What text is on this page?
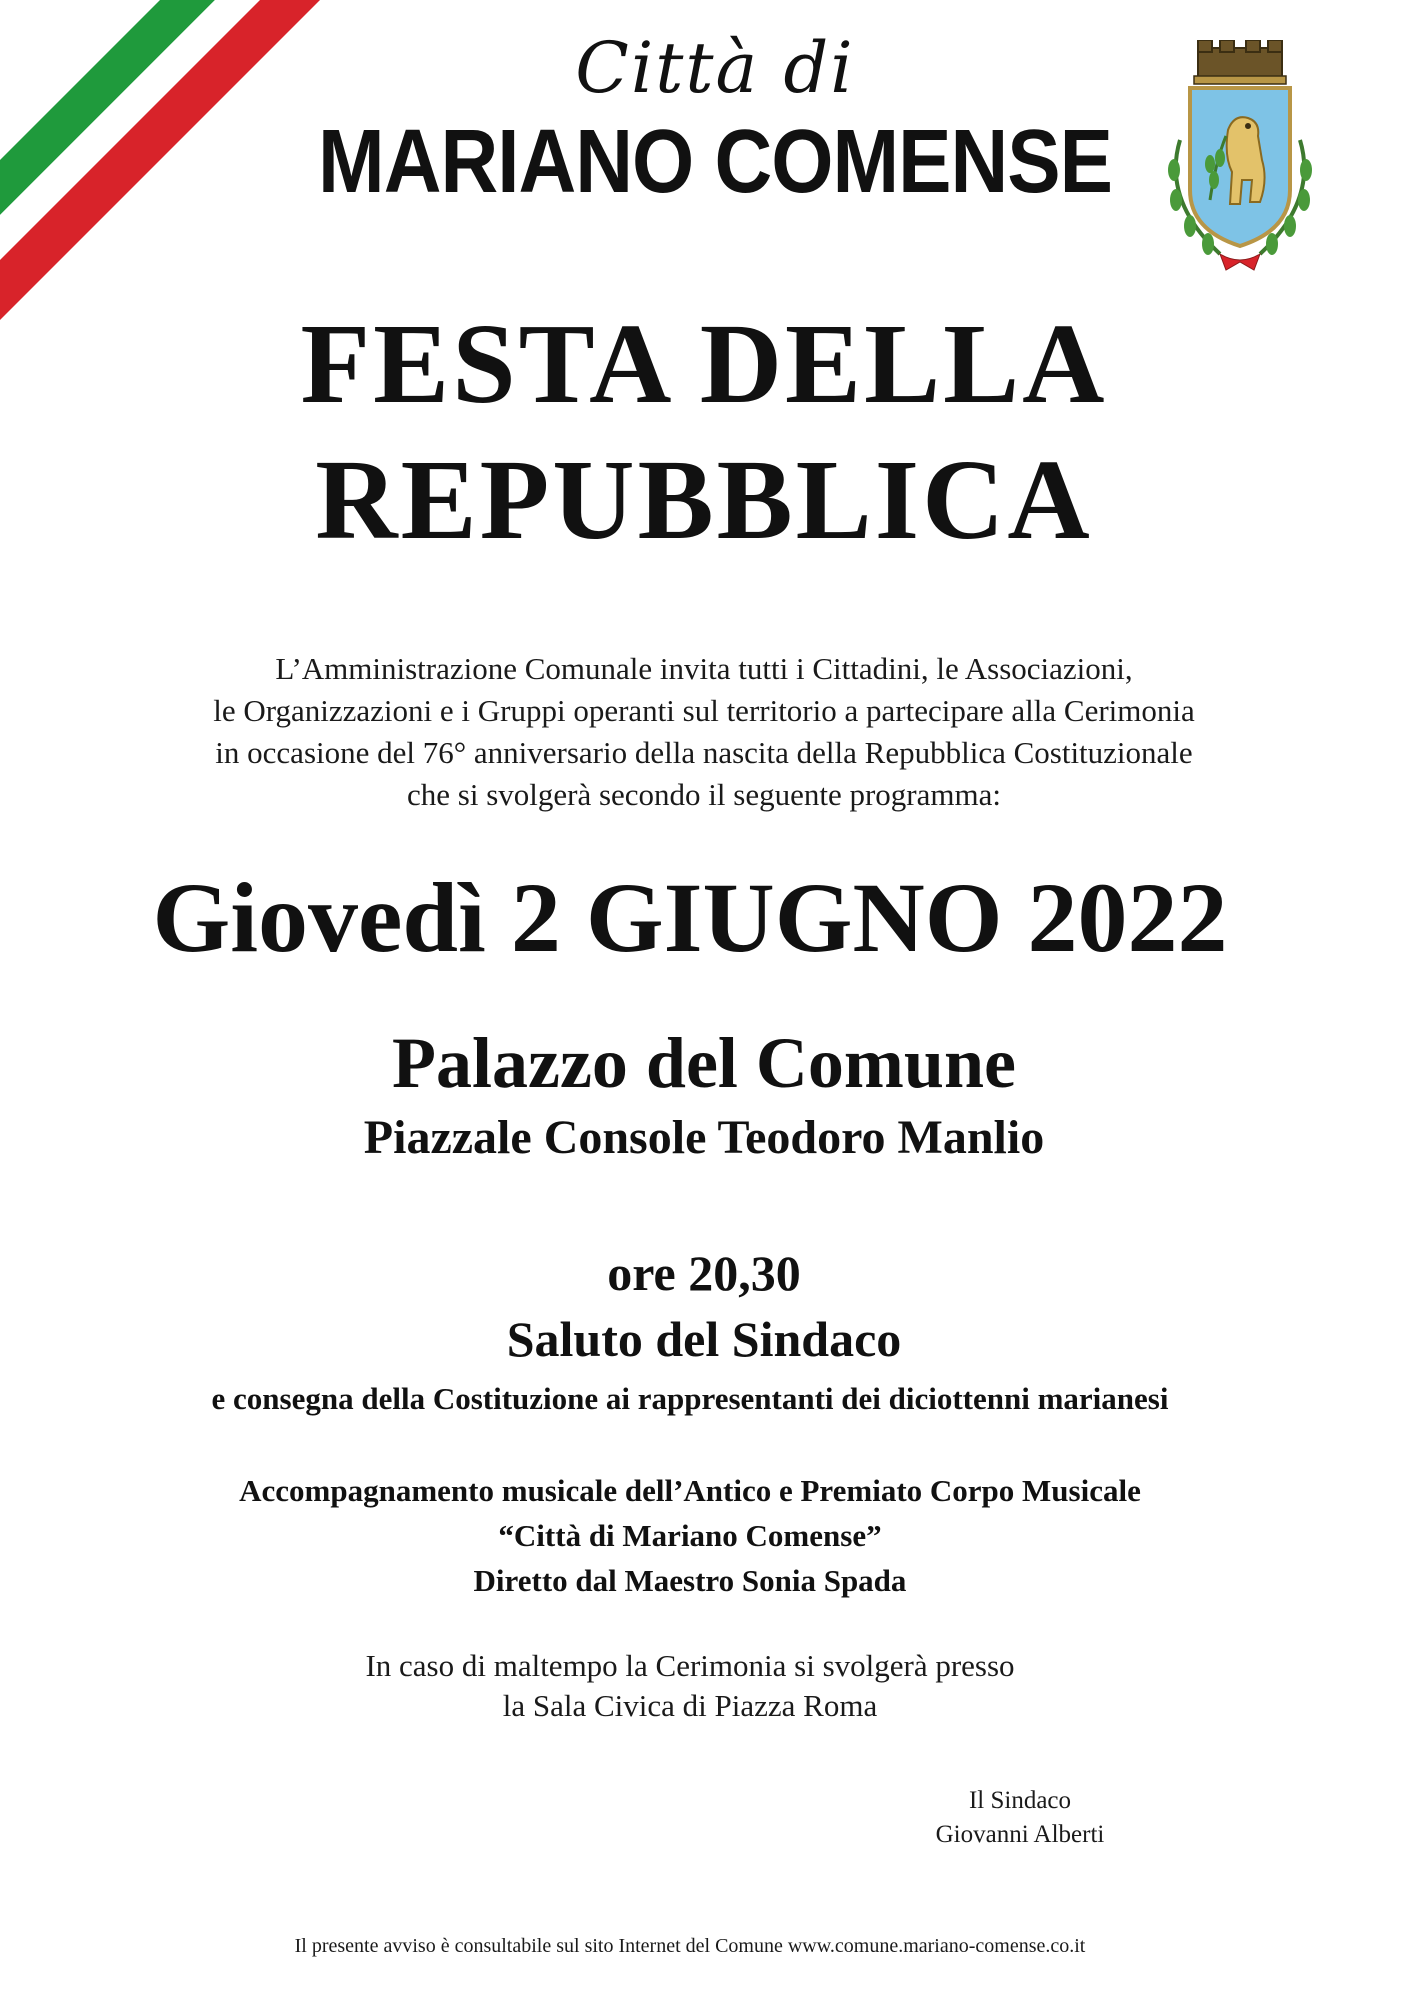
Città di
MARIANO COMENSE
FESTA DELLA
REPUBBLICA
L’Amministrazione Comunale invita tutti i Cittadini, le Associazioni,
le Organizzazioni e i Gruppi operanti sul territorio a partecipare alla Cerimonia
in occasione del 76° anniversario della nascita della Repubblica Costituzionale
che si svolgerà secondo il seguente programma:
Giovedì 2 GIUGNO 2022
Palazzo del Comune
Piazzale Console Teodoro Manlio
ore 20,30
Saluto del Sindaco
e consegna della Costituzione ai rappresentanti dei diciottenni marianesi
Accompagnamento musicale dell’Antico e Premiato Corpo Musicale
“Città di Mariano Comense”
Diretto dal Maestro Sonia Spada
In caso di maltempo la Cerimonia si svolgerà presso
la Sala Civica di Piazza Roma
Il Sindaco
Giovanni Alberti
Il presente avviso è consultabile sul sito Internet del Comune www.comune.mariano-comense.co.it
